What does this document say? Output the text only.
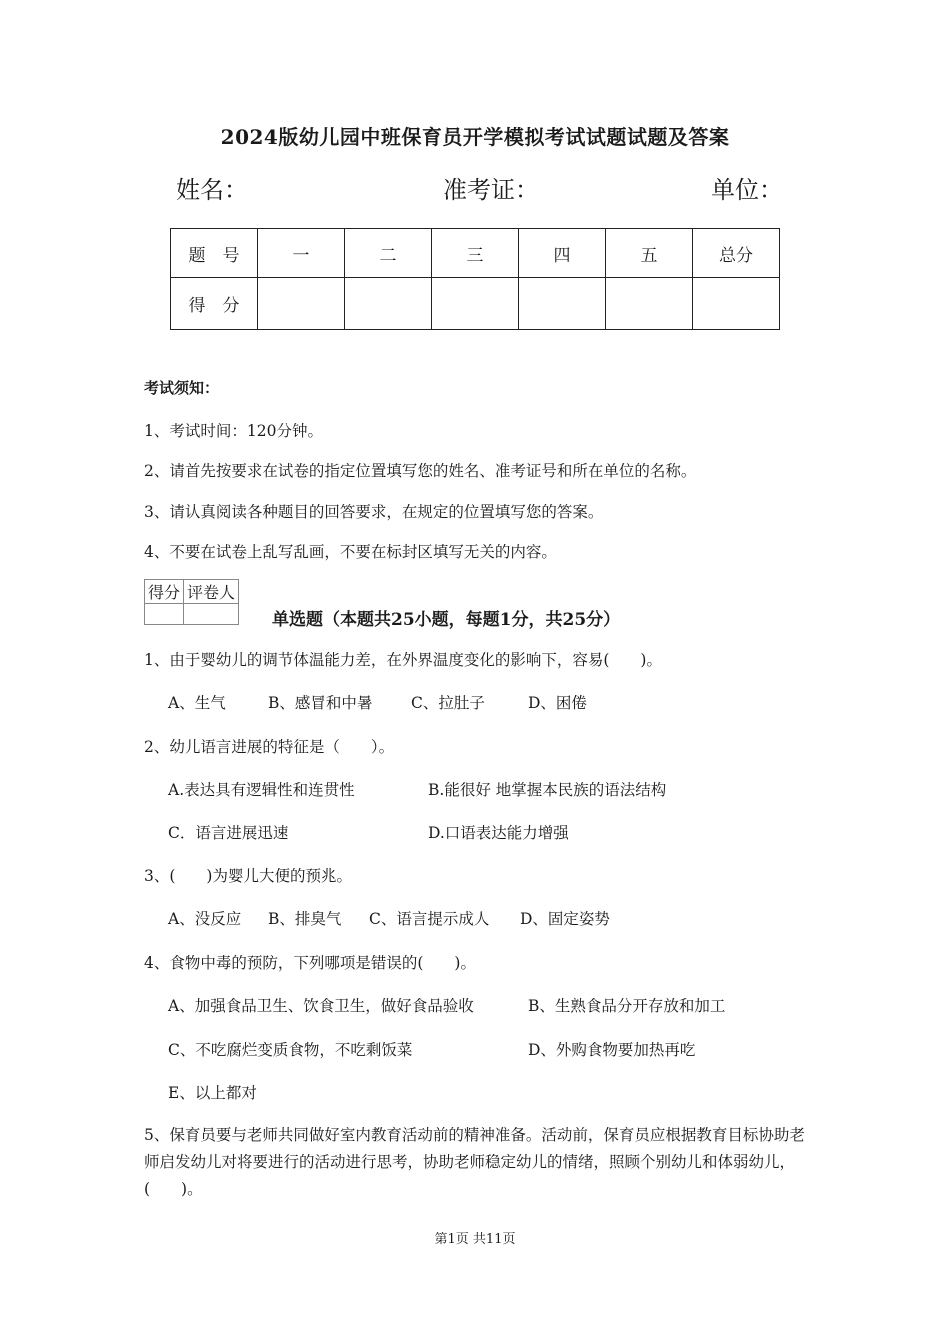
2024版幼儿园中班保育员开学模拟考试试题试题及答案
姓名：	准考证：	单位：
题　号	一	二	三	四	五	总分
得　分						
考试须知：
1、考试时间：120分钟。
2、请首先按要求在试卷的指定位置填写您的姓名、准考证号和所在单位的名称。
3、请认真阅读各种题目的回答要求，在规定的位置填写您的答案。
4、不要在试卷上乱写乱画，不要在标封区填写无关的内容。
得分	评卷人

单选题（本题共25小题，每题1分，共25分）
1、由于婴幼儿的调节体温能力差，在外界温度变化的影响下，容易(　　)。
A、生气	B、感冒和中暑 C、拉肚子	D、困倦
2、幼儿语言进展的特征是（　　）。
A.表达具有逻辑性和连贯性	B.能很好 地掌握本民族的语法结构
C．语言进展迅速	D.口语表达能力增强
3、(　　)为婴儿大便的预兆。
A、没反应 B、排臭气 C、语言提示成人 D、固定姿势
4、食物中毒的预防，下列哪项是错误的(　　)。
A、加强食品卫生、饮食卫生，做好食品验收	B、生熟食品分开存放和加工
C、不吃腐烂变质食物，不吃剩饭菜	D、外购食物要加热再吃
E、以上都对
5、保育员要与老师共同做好室内教育活动前的精神准备。活动前，保育员应根据教育目标协助老师启发幼儿对将要进行的活动进行思考，协助老师稳定幼儿的情绪，照顾个别幼儿和体弱幼儿，(　　)。
第1页 共11页
